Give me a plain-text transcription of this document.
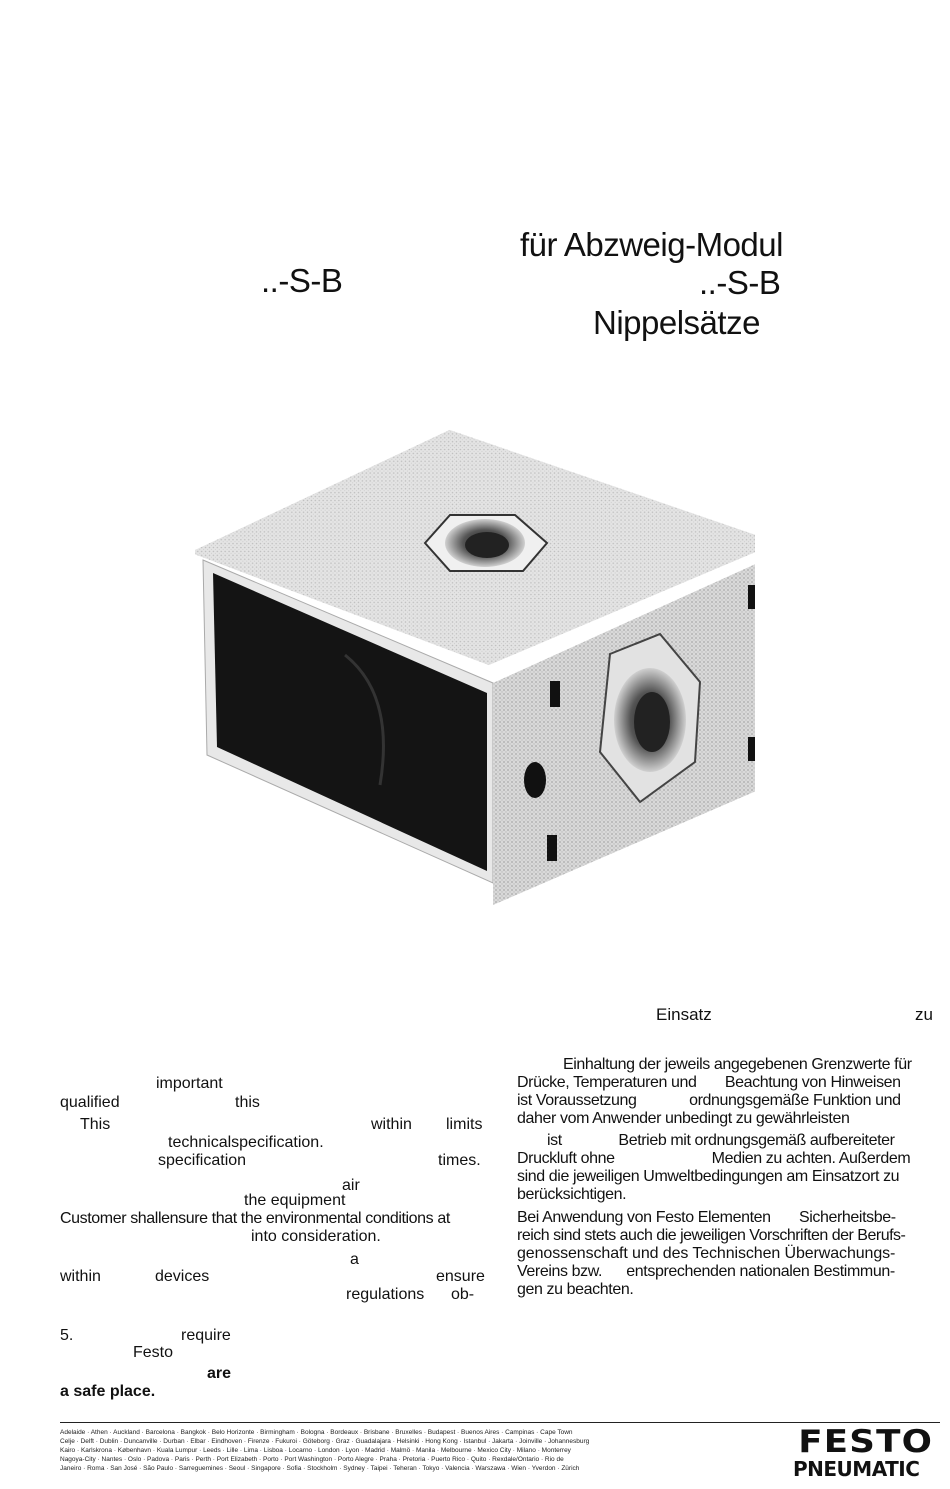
..-S-B
für Abzweig-Modul
..-S-B
Nippelsätze
Einsatz	zu
important
qualified	this
This	within limits
technicalspecification.
specification	times.
air
the equipment
Customer shallensure that the environmental conditions at
into consideration.
a
within	devices	ensure
regulations ob-
5.	require
Festo
are
a safe place.
Einhaltung der jeweils angegebenen Grenzwerte für
Drücke, Temperaturen und       Beachtung von Hinweisen
ist Voraussetzung             ordnungsgemäße Funktion und
daher vom Anwender unbedingt zu gewährleisten
ist              Betrieb mit ordnungsgemäß aufbereiteter
Druckluft ohne                        Medien zu achten. Außerdem
sind die jeweiligen Umweltbedingungen am Einsatzort zu
berücksichtigen.
Bei Anwendung von Festo Elementen       Sicherheitsbe-
reich sind stets auch die jeweiligen Vorschriften der Berufs-
genossenschaft und des Technischen Überwachungs-
Vereins bzw.      entsprechenden nationalen Bestimmun-
gen zu beachten.
Adelaide · Athen · Auckland · Barcelona · Bangkok · Belo Horizonte · Birmingham · Bologna · Bordeaux · Brisbane · Bruxelles · Budapest · Buenos Aires · Campinas · Cape Town
Celje · Delft · Dublin · Duncanville · Durban · Elbar · Eindhoven · Firenze · Fukuroi · Göteborg · Graz · Guadalajara · Helsinki · Hong Kong · Istanbul · Jakarta · Joinville · Johannesburg
Kairo · Karlskrona · København · Kuala Lumpur · Leeds · Lille · Lima · Lisboa · Locarno · London · Lyon · Madrid · Malmö · Manila · Melbourne · Mexico City · Milano · Monterrey
Nagoya-City · Nantes · Oslo · Padova · Paris · Perth · Port Elizabeth · Porto · Port Washington · Porto Alegre · Praha · Pretoria · Puerto Rico · Quito · Rexdale/Ontario · Rio de
Janeiro · Roma · San José · São Paulo · Sarreguemines · Seoul · Singapore · Sofia · Stockholm · Sydney · Taipei · Teheran · Tokyo · Valencia · Warszawa · Wien · Yverdon · Zürich
FESTO
PNEUMATIC
